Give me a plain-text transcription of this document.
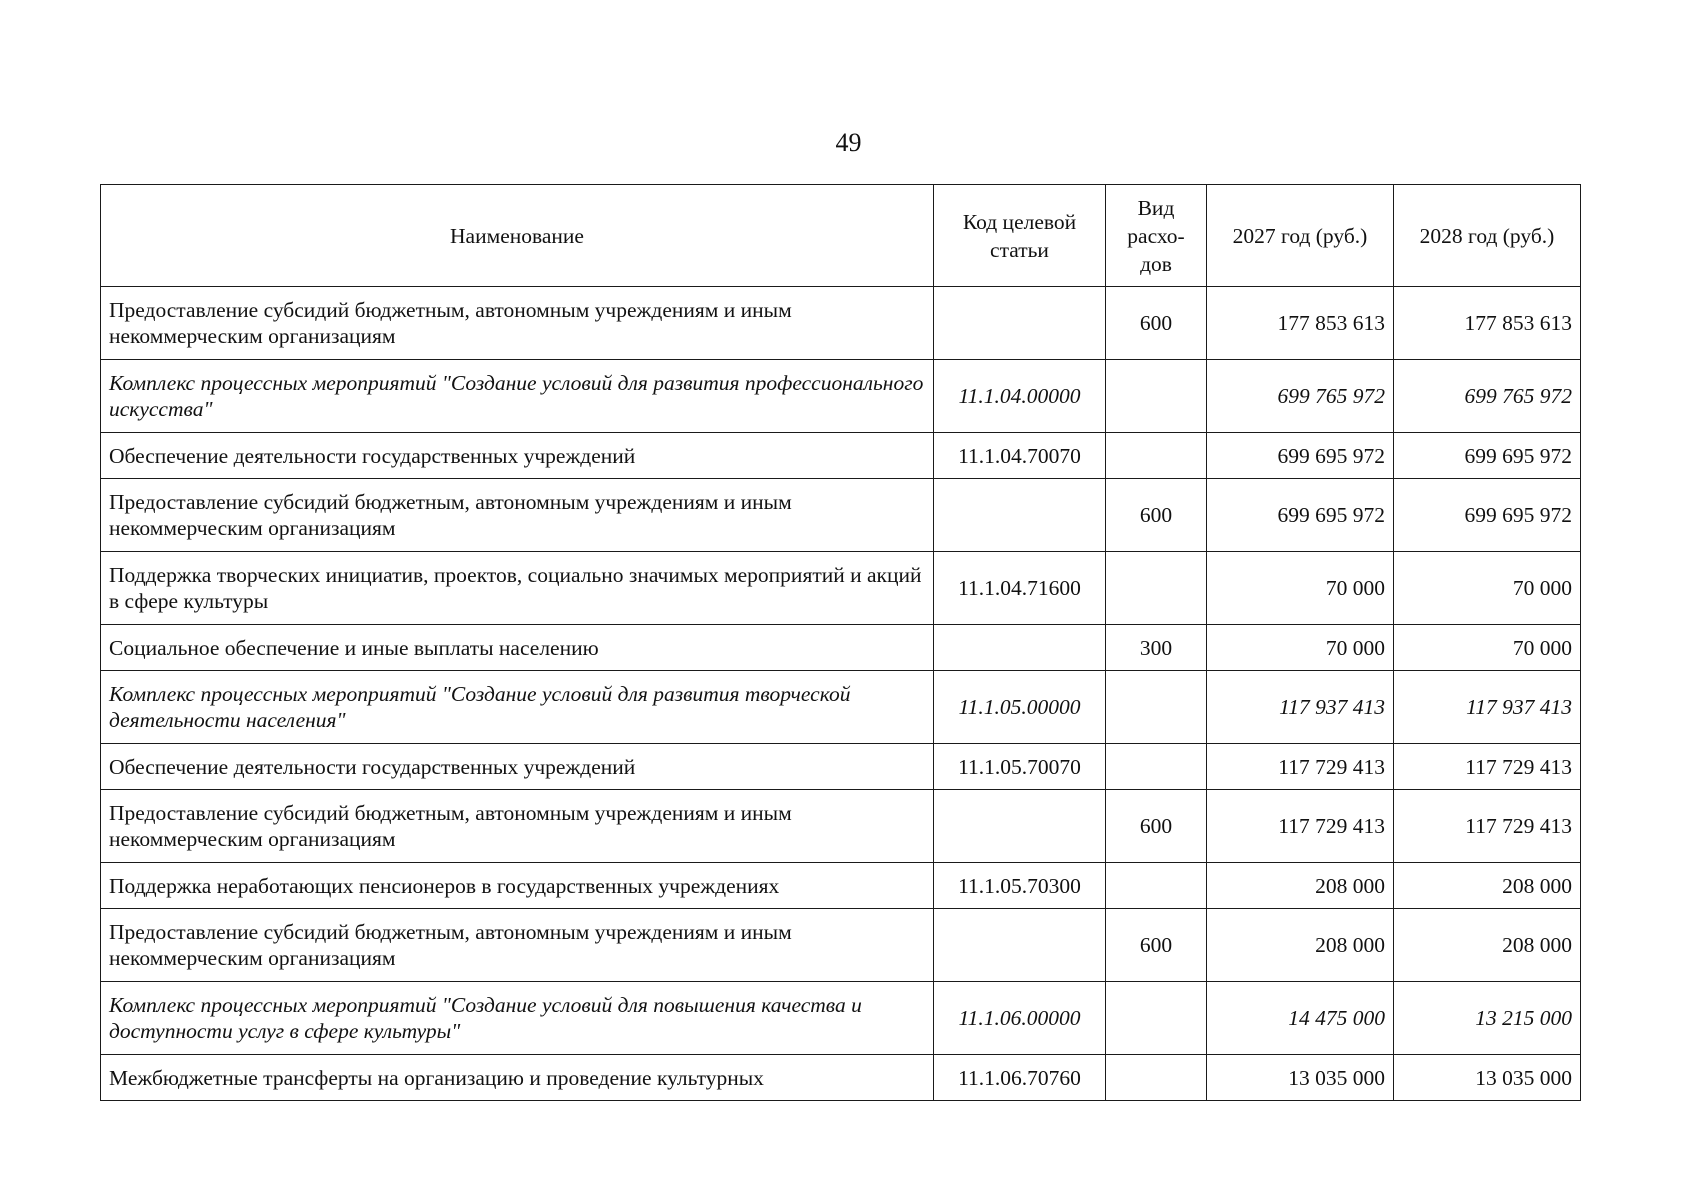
49
Наименование	Код целевой статьи	Вид расхо-дов	2027 год (руб.)	2028 год (руб.)
Предоставление субсидий бюджетным, автономным учреждениям и иным некоммерческим организациям		600	177 853 613	177 853 613
Комплекс процессных мероприятий "Создание условий для развития профессионального искусства"	11.1.04.00000		699 765 972	699 765 972
Обеспечение деятельности государственных учреждений	11.1.04.70070		699 695 972	699 695 972
Предоставление субсидий бюджетным, автономным учреждениям и иным некоммерческим организациям		600	699 695 972	699 695 972
Поддержка творческих инициатив, проектов, социально значимых мероприятий и акций в сфере культуры	11.1.04.71600		70 000	70 000
Социальное обеспечение и иные выплаты населению		300	70 000	70 000
Комплекс процессных мероприятий "Создание условий для развития творческой деятельности населения"	11.1.05.00000		117 937 413	117 937 413
Обеспечение деятельности государственных учреждений	11.1.05.70070		117 729 413	117 729 413
Предоставление субсидий бюджетным, автономным учреждениям и иным некоммерческим организациям		600	117 729 413	117 729 413
Поддержка неработающих пенсионеров в государственных учреждениях	11.1.05.70300		208 000	208 000
Предоставление субсидий бюджетным, автономным учреждениям и иным некоммерческим организациям		600	208 000	208 000
Комплекс процессных мероприятий "Создание условий для повышения качества и доступности услуг в сфере культуры"	11.1.06.00000		14 475 000	13 215 000
Межбюджетные трансферты на организацию и проведение культурных	11.1.06.70760		13 035 000	13 035 000
